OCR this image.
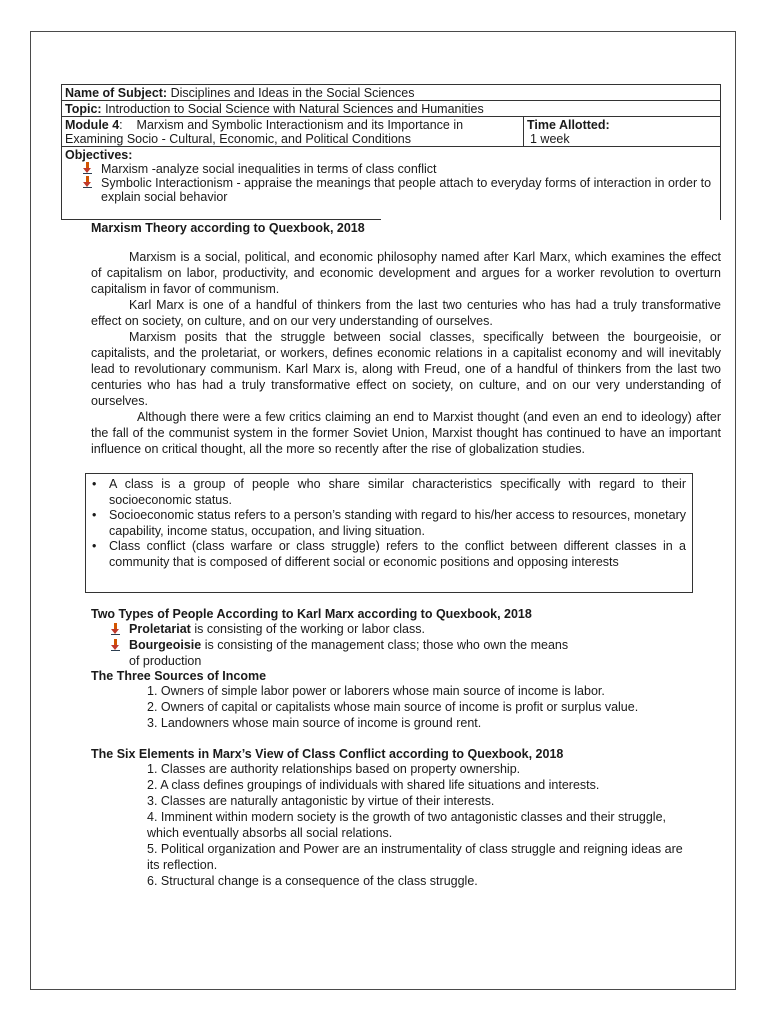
Name of Subject: Disciplines and Ideas in the Social Sciences
Topic: Introduction to Social Science with Natural Sciences and Humanities
Module 4:    Marxism and Symbolic Interactionism and its Importance in Examining Socio - Cultural, Economic, and Political Conditions	
Time Allotted:
1 week

Objectives:
Marxism -analyze social inequalities in terms of class conflict
Symbolic Interactionism - appraise the meanings that people attach to everyday forms of interaction in order to explain social behavior
Marxism Theory according to Quexbook, 2018

Marxism is a social, political, and economic philosophy named after Karl Marx, which examines the effect of capitalism on labor, productivity, and economic development and argues for a worker revolution to overturn capitalism in favor of communism.

Karl Marx is one of a handful of thinkers from the last two centuries who has had a truly transformative effect on society, on culture, and on our very understanding of ourselves.

Marxism posits that the struggle between social classes, specifically between the bourgeoisie, or capitalists, and the proletariat, or workers, defines economic relations in a capitalist economy and will inevitably lead to revolutionary communism. Karl Marx is, along with Freud, one of a handful of thinkers from the last two centuries who has had a truly transformative effect on society, on culture, and on our very understanding of ourselves.

Although there were a few critics claiming an end to Marxist thought (and even an end to ideology) after the fall of the communist system in the former Soviet Union, Marxist thought has continued to have an important influence on critical thought, all the more so recently after the rise of globalization studies.

• A class is a group of people who share similar characteristics specifically with regard to their socioeconomic status.
• Socioeconomic status refers to a person’s standing with regard to his/her access to resources, monetary capability, income status, occupation, and living situation.
• Class conflict (class warfare or class struggle) refers to the conflict between different classes in a community that is composed of different social or economic positions and opposing interests
Two Types of People According to Karl Marx according to Quexbook, 2018
Proletariat is consisting of the working or labor class.
Bourgeoisie is consisting of the management class; those who own the means of production
The Three Sources of Income
1. Owners of simple labor power or laborers whose main source of income is labor.
2. Owners of capital or capitalists whose main source of income is profit or surplus value.
3. Landowners whose main source of income is ground rent.
The Six Elements in Marx’s View of Class Conflict according to Quexbook, 2018
1. Classes are authority relationships based on property ownership.
2. A class defines groupings of individuals with shared life situations and interests.
3. Classes are naturally antagonistic by virtue of their interests.
4. Imminent within modern society is the growth of two antagonistic classes and their struggle, which eventually absorbs all social relations.
5. Political organization and Power are an instrumentality of class struggle and reigning ideas are its reflection.
6. Structural change is a consequence of the class struggle.
